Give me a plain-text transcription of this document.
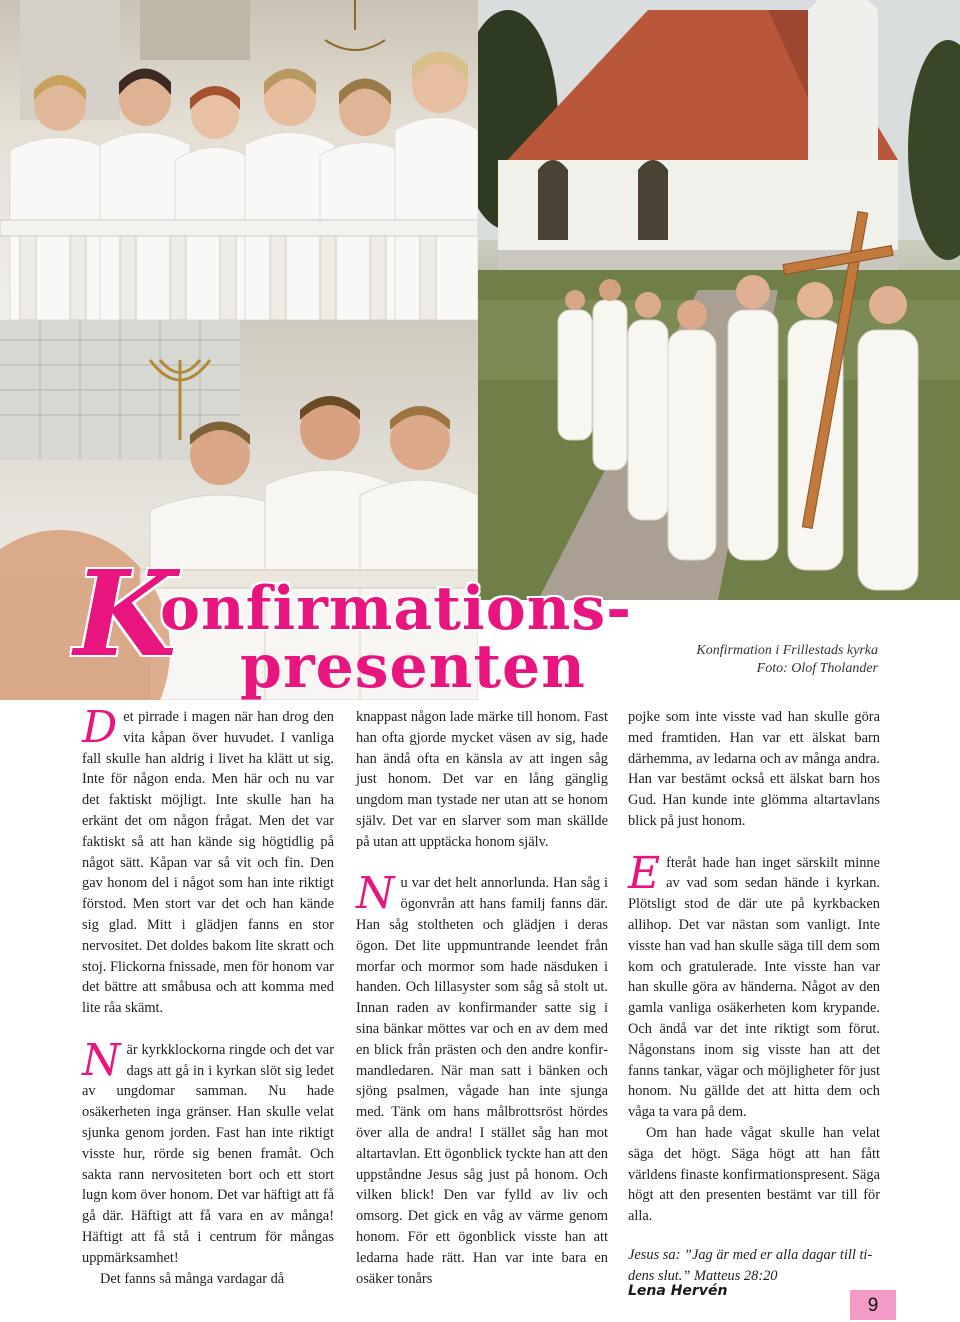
K
onfirmations-
presenten	Konfirmation i Frillestads kyrka
Foto: Olof Tholander

Det pirrade i magen när han drog den vita kåpan över huvudet. I vanliga fall skulle han aldrig i livet ha klätt ut sig. Inte för någon enda. Men här och nu var det faktiskt möjligt. Inte skulle han ha erkänt det om någon frågat. Men det var faktiskt så att han kände sig högtidlig på något sätt. Kåpan var så vit och fin. Den gav honom del i något som han inte riktigt förstod. Men stort var det och han kände sig glad. Mitt i glädjen fanns en stor nervositet. Det doldes bakom lite skratt och stoj. Flickorna fnissade, men för honom var det bättre att småbusa och att komma med lite råa skämt.

När kyrkklockorna ringde och det var dags att gå in i kyrkan slöt sig ledet av ungdomar samman. Nu hade osäkerheten inga gränser. Han skulle velat sjunka genom jorden. Fast han inte riktigt visste hur, rörde sig benen framåt. Och sakta rann nervositeten bort och ett stort lugn kom över honom. Det var häftigt att få gå där. Häftigt att få vara en av många! Häftigt att få stå i centrum för mångas uppmärksamhet!

Det fanns så många vardagar då

knappast någon lade märke till honom. Fast han ofta gjorde mycket väsen av sig, hade han ändå ofta en känsla av att ingen såg just honom. Det var en lång gänglig ungdom man tystade ner utan att se honom själv. Det var en slarver som man skällde på utan att upptäcka honom själv.

Nu var det helt annorlunda. Han såg i ögonvrån att hans familj fanns där. Han såg stoltheten och glädjen i deras ögon. Det lite uppmuntrande leendet från morfar och mormor som hade näsduken i handen. Och lillasyster som såg så stolt ut. Innan raden av konfirmander satte sig i sina bänkar möttes var och en av dem med en blick från prästen och den andre konfirmandledaren. När man satt i bänken och sjöng psalmen, vågade han inte sjunga med. Tänk om hans målbrottsröst hördes över alla de andra! I stället såg han mot altartavlan. Ett ögonblick tyckte han att den uppståndne Jesus såg just på honom. Och vilken blick! Den var fylld av liv och omsorg. Det gick en våg av värme genom honom. För ett ögonblick visste han att ledarna hade rätt. Han var inte bara en osäker tonårs

pojke som inte visste vad han skulle göra med framtiden. Han var ett älskat barn därhemma, av ledarna och av många andra. Han var bestämt också ett älskat barn hos Gud. Han kunde inte glömma altartavlans blick på just honom.

Efteråt hade han inget särskilt minne av vad som sedan hände i kyrkan. Plötsligt stod de där ute på kyrkbacken allihop. Det var nästan som vanligt. Inte visste han vad han skulle säga till dem som kom och gratulerade. Inte visste han var han skulle göra av händerna. Något av den gamla vanliga osäkerheten kom krypande. Och ändå var det inte riktigt som förut. Någonstans inom sig visste han att det fanns tankar, vägar och möjligheter för just honom. Nu gällde det att hitta dem och våga ta vara på dem.

Om han hade vågat skulle han velat säga det högt. Säga högt att han fått världens finaste konfirmationspresent. Säga högt att den presenten bestämt var till för alla.

Jesus sa: ”Jag är med er alla dagar till tidens slut.” Matteus 28:20

Lena Hervén
9
